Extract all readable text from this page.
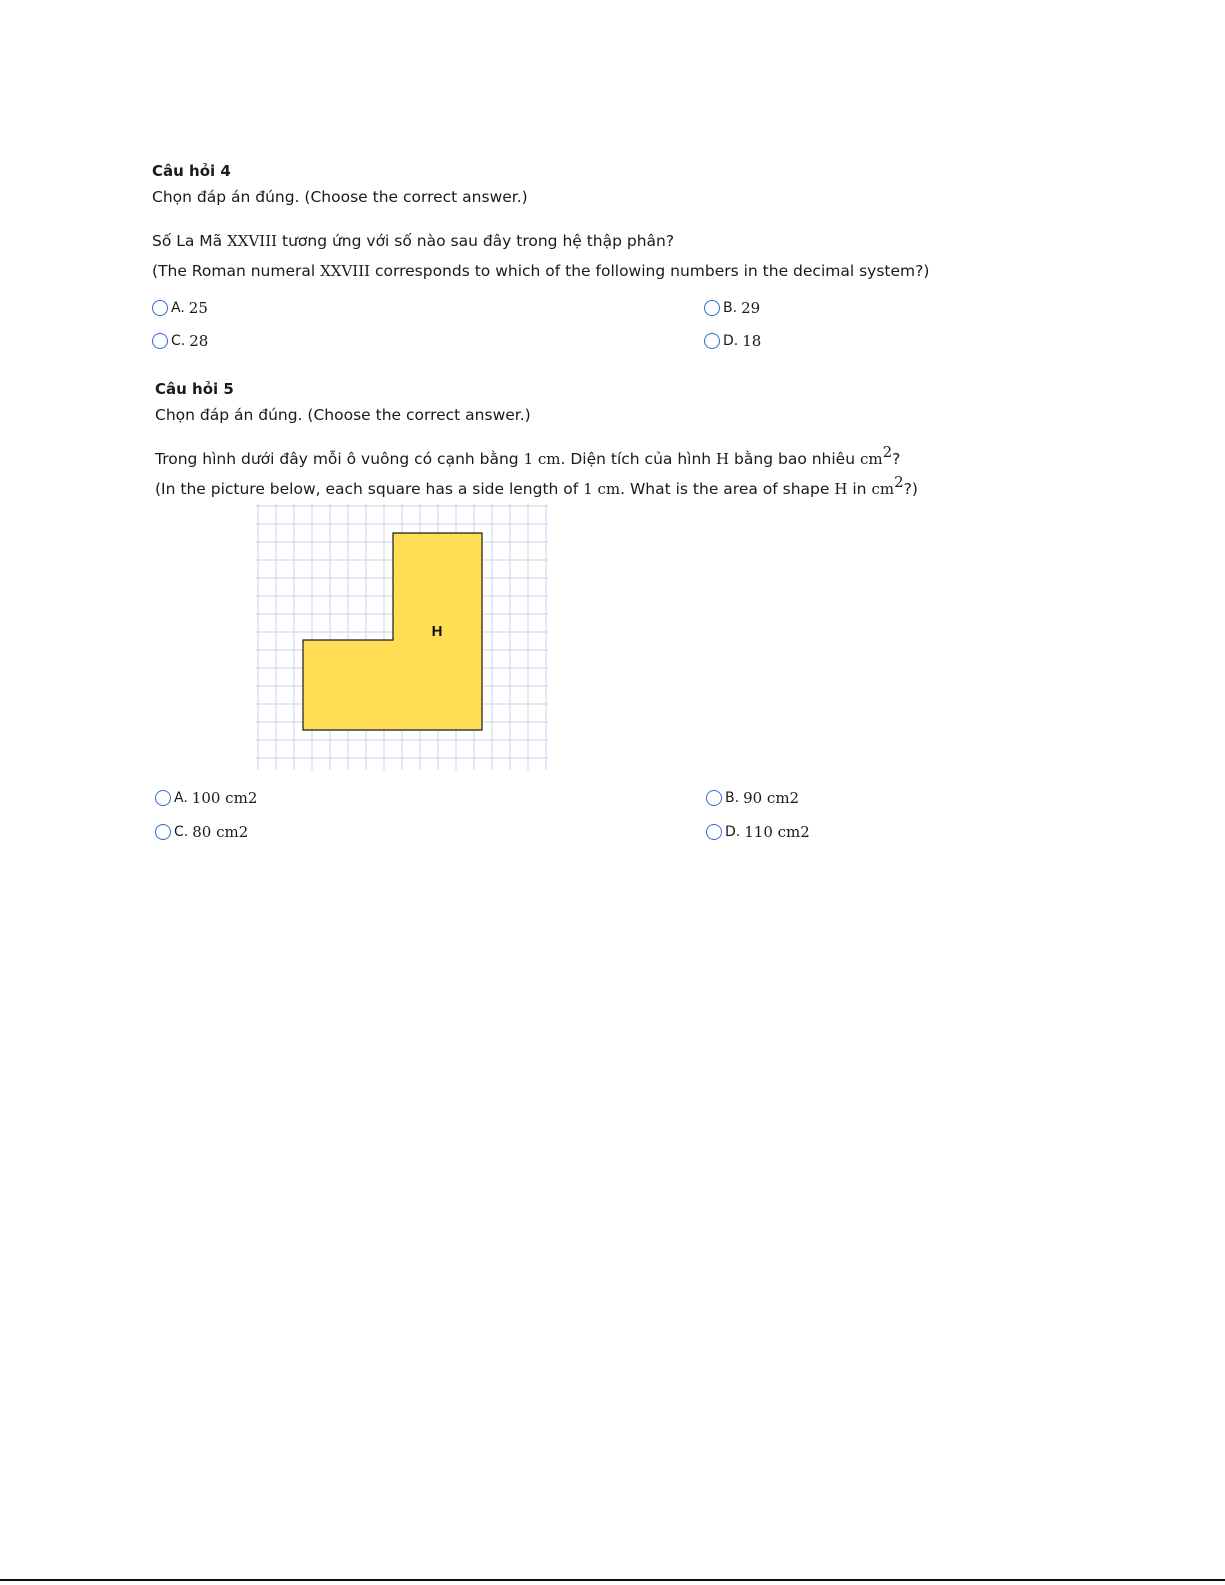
Câu hỏi 4
Chọn đáp án đúng. (Choose the correct answer.)
Số La Mã XXVIII tương ứng với số nào sau đây trong hệ thập phân?
(The Roman numeral XXVIII corresponds to which of the following numbers in the decimal system?)
A. 25	B. 29
C. 28	D. 18
Câu hỏi 5
Chọn đáp án đúng. (Choose the correct answer.)
Trong hình dưới đây mỗi ô vuông có cạnh bằng 1 cm. Diện tích của hình H bằng bao nhiêu $cm^2$?
(In the picture below, each square has a side length of 1 cm. What is the area of shape H in $cm^2$?)
H
A. 100 cm 2	B. 90 cm 2
C. 80 cm 2	D. 110 cm 2
